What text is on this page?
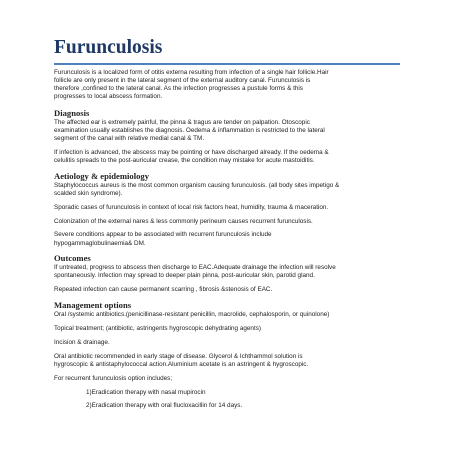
Furunculosis

Furunculosis is a localized form of otitis externa resulting from infection of a single hair follicle.Hair

follicle are only present in the lateral segment of the external auditory canal. Furunculosis is

therefore ,confined to the lateral canal. As the infection progresses a pustule forms & this

progresses to local abscess formation.

Diagnosis

The affected ear is extremely painful, the pinna & tragus are tender on palpation. Otoscopic

examination usually establishes the diagnosis. Oedema & inflammation is restricted to the lateral

segment of the canal with relative medial canal & TM.

If infection is advanced, the abscess may be pointing or have discharged already. If the oedema &

celulitis spreads to the post-auricular crease, the condition may mistake for acute mastoiditis.

Aetiology & epidemiology

Staphylococcus aureus is the most common organism causing furunculosis. (all body sites impetigo &

scalded skin syndrome).

Sporadic cases of furunculosis in context of local risk factors heat, humidity, trauma & maceration.

Colonization of the external nares & less commonly perineum causes recurrent furunculosis.

Severe conditions appear to be associated with recurrent furunculosis include

hypogammaglobulinaemia& DM.

Outcomes

If untreated, progress to abscess then discharge to EAC.Adequate drainage the infection will resolve

spontaneously. Infection may spread to deeper plain pinna, post-auricular skin, parotid gland.

Repeated infection can cause permanent scarring , fibrosis &stenosis of EAC.

Management options

Oral /systemic antibiotics.(penicillinase-resistant penicillin, macrolide, cephalosporin, or quinolone)

Topical treatment; (antibiotic, astringents hygroscopic dehydrating agents)

Incision & drainage.

Oral antibiotic recommended in early stage of disease. Glycerol & Ichthammol solution is

hygroscopic & antistaphylococcal action.Aluminium acetate is an astringent & hygroscopic.

For recurrent furunculosis option includes;

1)Eradication therapy with nasal mupirocin

2)Eradication therapy with oral flucloxacillin for 14 days.
